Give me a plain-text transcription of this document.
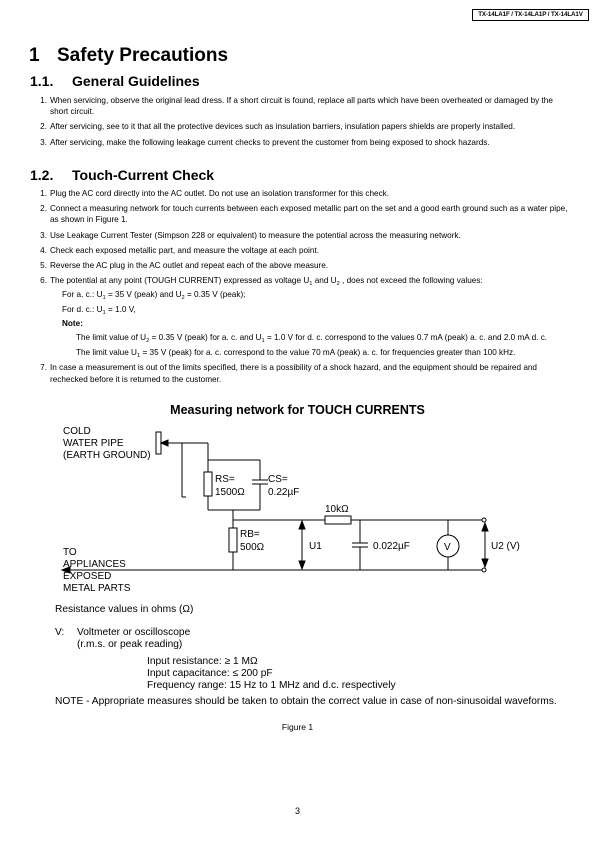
TX-14LA1F / TX-14LA1P / TX-14LA1V
1 Safety Precautions
1.1. General Guidelines
1. When servicing, observe the original lead dress. If a short circuit is found, replace all parts which have been overheated or damaged by the short circuit.
2. After servicing, see to it that all the protective devices such as insulation barriers, insulation papers shields are properly installed.
3. After servicing, make the following leakage current checks to prevent the customer from being exposed to shock hazards.
1.2. Touch-Current Check
1. Plug the AC cord directly into the AC outlet. Do not use an isolation transformer for this check.
2. Connect a measuring network for touch currents between each exposed metallic part on the set and a good earth ground such as a water pipe, as shown in Figure 1.
3. Use Leakage Current Tester (Simpson 228 or equivalent) to measure the potential across the measuring network.
4. Check each exposed metallic part, and measure the voltage at each point.
5. Reverse the AC plug in the AC outlet and repeat each of the above measure.
6. The potential at any point (TOUGH CURRENT) expressed as voltage $U_1$ and $U_2$ , does not exceed the following values:
For a. c.: $U_1 = 35$ V (peak) and $U_2 = 0.35$ V (peak);
For d. c.: $U_1 = 1.0$ V,
Note:
The limit value of $U_2 = 0.35$ V (peak) for a. c. and $U_1 = 1.0$ V for d. c. correspond to the values 0.7 mA (peak) a. c. and 2.0 mA d. c.
The limit value $U_1 = 35$ V (peak) for a. c. correspond to the value 70 mA (peak) a. c. for frequencies greater than 100 kHz.
7. In case a measurement is out of the limits specified, there is a possibility of a shock hazard, and the equipment should be repaired and rechecked before it is returned to the customer.
Measuring network for TOUCH CURRENTS
COLD
WATER PIPE
(EARTH GROUND)
TO
APPLIANCES
EXPOSED
METAL PARTS
RS=
1500Ω
CS=
0.22µF
10kΩ
RB=
500Ω	U1	0.022µF	V	U2 (V)
Resistance values in ohms (Ω)
V: Voltmeter or oscilloscope
(r.m.s. or peak reading)
Input resistance: ≥ 1 MΩ
Input capacitance: ≤ 200 pF
Frequency range: 15 Hz to 1 MHz and d.c. respectively
NOTE - Appropriate measures should be taken to obtain the correct value in case of non-sinusoidal waveforms.
Figure 1
3
